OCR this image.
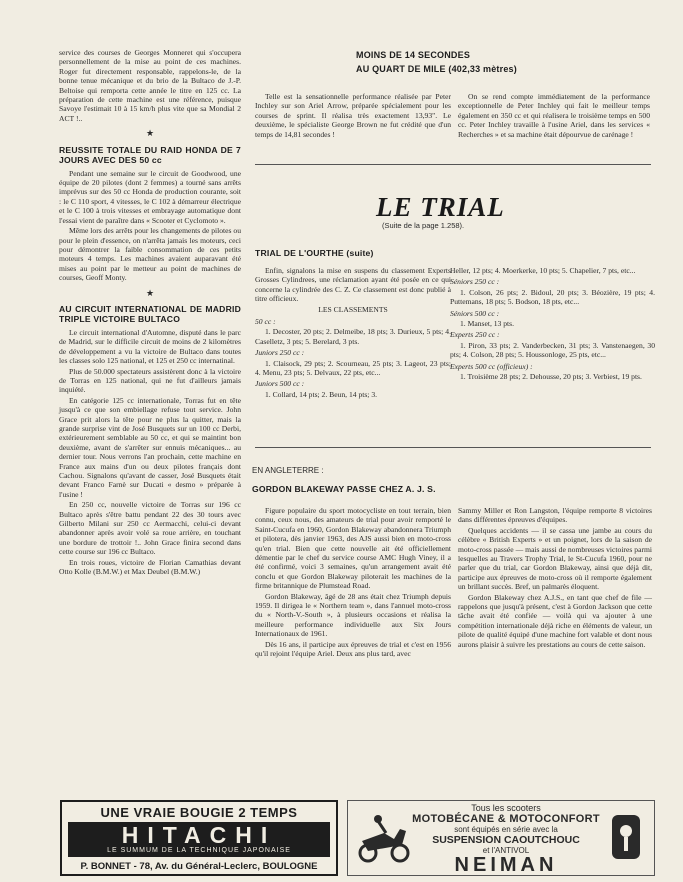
service des courses de Georges Monneret qui s'occupera personnellement de la mise au point de ces machines. Roger fut directement responsable, rappelons-le, de la bonne tenue mécanique et du brio de la Bultaco de J.-P. Beltoise qui remporta cette année le titre en 125 cc. La préparation de cette machine est une référence, puisque Savoye l'estimait 10 à 15 km/h plus vite que sa Mondial 2 ACT !..

★
REUSSITE TOTALE DU RAID HONDA DE 7 JOURS AVEC DES 50 cc

Pendant une semaine sur le circuit de Goodwood, une équipe de 20 pilotes (dont 2 femmes) a tourné sans arrêts imprévus sur des 50 cc Honda de production courante, soit : le C 110 sport, 4 vitesses, le C 102 à démarreur électrique et le C 100 à trois vitesses et embrayage automatique dont l'essai vient de paraître dans « Scooter et Cyclomoto ».

Même lors des arrêts pour les changements de pilotes ou pour le plein d'essence, on n'arrêta jamais les moteurs, ceci pour démontrer la faible consommation de ces petits moteurs 4 temps. Les machines avaient auparavant été mises au point par le metteur au point de machines de courses, Geoff Monty.

★
AU CIRCUIT INTERNATIONAL DE MADRID TRIPLE VICTOIRE BULTACO

Le circuit international d'Automne, disputé dans le parc de Madrid, sur le difficile circuit de moins de 2 kilomètres de développement a vu la victoire de Bultaco dans toutes les classes solo 125 national, et 125 et 250 cc internatinal.

Plus de 50.000 spectateurs assistèrent donc à la victoire de Torras en 125 national, qui ne fut d'ailleurs jamais inquiété.

En catégorie 125 cc internationale, Torras fut en tête jusqu'à ce que son embiellage refuse tout service. John Grace prit alors la tête pour ne plus la quitter, mais la grande surprise vint de José Busquets sur un 100 cc Derbi, extérieurement semblable au 50 cc, et qui se maintint bon deuxième, avant de s'arrêter sur ennuis mécaniques... au dernier tour. Nous verrons l'an prochain, cette machine en France aux mains d'un ou deux pilotes français dont Cachou. Signalons qu'avant de casser, José Busquets était devant Franco Farnè sur Ducati « desmo » préparée à l'usine !

En 250 cc, nouvelle victoire de Torras sur 196 cc Bultaco après s'être battu pendant 22 des 30 tours avec Gilberto Milani sur 250 cc Aermacchi, celui-ci devant abandonner après avoir volé sa roue arrière, en touchant une bordure de trottoir !.. John Grace finira second dans cette course sur 196 cc Bultaco.

En trois roues, victoire de Florian Camathias devant Otto Kolle (B.M.W.) et Max Deubel (B.M.W.)

MOINS DE 14 SECONDES
AU QUART DE MILE (402,33 mètres)

Telle est la sensationnelle performance réalisée par Peter Inchley sur son Ariel Arrow, préparée spécialement pour les courses de sprint. Il réalisa très exactement 13,93". Le deuxième, le spécialiste George Brown ne fut crédité que d'un temps de 14,81 secondes !

On se rend compte immédiatement de la performance exceptionnelle de Peter Inchley qui fait le meilleur temps également en 350 cc et qui réalisera le troisième temps en 500 cc. Peter Inchley travaille à l'usine Ariel, dans les services « Recherches » et sa machine était dépourvue de carénage !

LE TRIAL
(Suite de la page 1.258).
TRIAL DE L'OURTHE (suite)

Enfin, signalons la mise en suspens du classement Experts Grosses Cylindrees, une réclamation ayant été posée en ce qui concerne la cylindrée des C. Z. Ce classement est donc publié à titre officieux.

LES CLASSEMENTS
50 cc :

1. Decoster, 20 pts; 2. Delmeibe, 18 pts; 3. Durieux, 5 pts; 4. Caselletz, 3 pts; 5. Berelard, 3 pts.

Juniors 250 cc :

1. Claisock, 29 pts; 2. Scourneau, 25 pts; 3. Lageot, 23 pts; 4. Menu, 23 pts; 5. Delvaux, 22 pts, etc...

Juniors 500 cc :

1. Collard, 14 pts; 2. Beun, 14 pts; 3.

Heller, 12 pts; 4. Moerkerke, 10 pts; 5. Chapelier, 7 pts, etc...

Séniors 250 cc :

1. Colson, 26 pts; 2. Bidoul, 20 pts; 3. Béozière, 19 pts; 4. Puttemans, 18 pts; 5. Bodson, 18 pts, etc...

Séniors 500 cc :

1. Manset, 13 pts.

Experts 250 cc :

1. Piron, 33 pts; 2. Vanderbecken, 31 pts; 3. Vanstenaegen, 30 pts; 4. Colson, 28 pts; 5. Houssonloge, 25 pts, etc...

Experts 500 cc (officieux) :

1. Troisième 28 pts; 2. Dehousse, 20 pts; 3. Verbiest, 19 pts.

EN ANGLETERRE :
GORDON BLAKEWAY PASSE CHEZ A. J. S.

Figure populaire du sport motocycliste en tout terrain, bien connu, ceux nous, des amateurs de trial pour avoir remporté le Saint-Cucufa en 1960, Gordon Blakeway abandonnera Triumph et pilotera, dès janvier 1963, des AJS aussi bien en moto-cross qu'en trial. Bien que cette nouvelle ait été officiellement démentie par le chef du service course AMC Hugh Viney, il a été confirmé, voici 3 semaines, qu'un arrangement avait été conclu et que Gordon Blakeway piloterait les machines de la firme britannique de Plumstead Road.

Gordon Blakeway, âgé de 28 ans était chez Triumph depuis 1959. Il dirigea le « Northern team », dans l'annuel moto-cross du « North-V.-South », à plusieurs occasions et réalisa la meilleure performance individuelle aux Six Jours Internationaux de 1961.

Dès 16 ans, il participe aux épreuves de trial et c'est en 1956 qu'il rejoint l'équipe Ariel. Deux ans plus tard, avec

Sammy Miller et Ron Langston, l'équipe remporte 8 victoires dans différentes épreuves d'équipes.

Quelques accidents — il se cassa une jambe au cours du célèbre « British Experts » et un poignet, lors de la saison de moto-cross passée — mais aussi de nombreuses victoires parmi lesquelles au Travers Trophy Trial, le St-Cucufa 1960, pour ne parler que du trial, car Gordon Blakeway, ainsi que déjà dit, participe aux épreuves de moto-cross où il remporte également un brillant succès. Bref, un palmarès éloquent.

Gordon Blakeway chez A.J.S., en tant que chef de file — rappelons que jusqu'à présent, c'est à Gordon Jackson que cette tâche avait été confiée — voilà qui va ajouter à une compétition internationale déjà riche en éléments de valeur, un pilote de qualité équipé d'une machine fort valable et dont nous aurons plaisir à suivre les prestations au cours de cette saison.

UNE VRAIE BOUGIE 2 TEMPS
HITACHI
LE SUMMUM DE LA TECHNIQUE JAPONAISE
P. BONNET - 78, Av. du Général-Leclerc, BOULOGNE
Tous les scooters
MOTOBÉCANE & MOTOCONFORT
sont équipés en série avec la
SUSPENSION CAOUTCHOUC
et l'ANTIVOL
NEIMAN
